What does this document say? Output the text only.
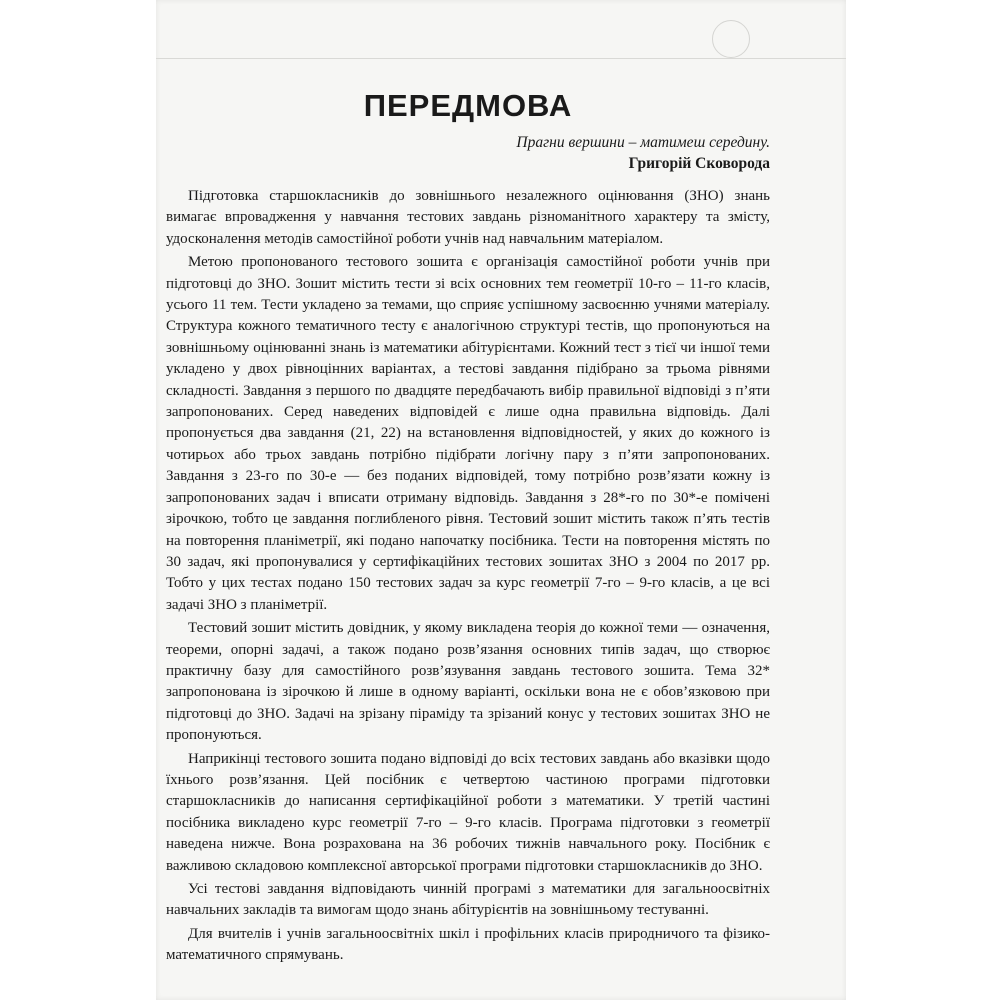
ПЕРЕДМОВА

Прагни вершини – матимеш середину.

Григорій Сковорода

Підготовка старшокласників до зовнішнього незалежного оцінювання (ЗНО) знань вимагає впровадження у навчання тестових завдань різноманітного характеру та змісту, удосконалення методів самостійної роботи учнів над навчальним матеріалом.

Метою пропонованого тестового зошита є організація самостійної роботи учнів при підготовці до ЗНО. Зошит містить тести зі всіх основних тем геометрії 10-го – 11-го класів, усього 11 тем. Тести укладено за темами, що сприяє успішному засвоєнню учнями матеріалу. Структура кожного тематичного тесту є аналогічною структурі тестів, що пропонуються на зовнішньому оцінюванні знань із математики абітурієнтами. Кожний тест з тієї чи іншої теми укладено у двох рівноцінних варіантах, а тестові завдання підібрано за трьома рівнями складності. Завдання з першого по двадцяте передбачають вибір правильної відповіді з п’яти запропонованих. Серед наведених відповідей є лише одна правильна відповідь. Далі пропонується два завдання (21, 22) на встановлення відповідностей, у яких до кожного із чотирьох або трьох завдань потрібно підібрати логічну пару з п’яти запропонованих. Завдання з 23-го по 30-е — без поданих відповідей, тому потрібно розв’язати кожну із запропонованих задач і вписати отриману відповідь. Завдання з 28*-го по 30*-е помічені зірочкою, тобто це завдання поглибленого рівня. Тестовий зошит містить також п’ять тестів на повторення планіметрії, які подано напочатку посібника. Тести на повторення містять по 30 задач, які пропонувалися у сертифікаційних тестових зошитах ЗНО з 2004 по 2017 рр. Тобто у цих тестах подано 150 тестових задач за курс геометрії 7-го – 9-го класів, а це всі задачі ЗНО з планіметрії.

Тестовий зошит містить довідник, у якому викладена теорія до кожної теми — означення, теореми, опорні задачі, а також подано розв’язання основних типів задач, що створює практичну базу для самостійного розв’язування завдань тестового зошита. Тема 32* запропонована із зірочкою й лише в одному варіанті, оскільки вона не є обов’язковою при підготовці до ЗНО. Задачі на зрізану піраміду та зрізаний конус у тестових зошитах ЗНО не пропонуються.

Наприкінці тестового зошита подано відповіді до всіх тестових завдань або вказівки щодо їхнього розв’язання. Цей посібник є четвертою частиною програми підготовки старшокласників до написання сертифікаційної роботи з математики. У третій частині посібника викладено курс геометрії 7-го – 9-го класів. Програма підготовки з геометрії наведена нижче. Вона розрахована на 36 робочих тижнів навчального року. Посібник є важливою складовою комплексної авторської програми підготовки старшокласників до ЗНО.

Усі тестові завдання відповідають чинній програмі з математики для загальноосвітніх навчальних закладів та вимогам щодо знань абітурієнтів на зовнішньому тестуванні.

Для вчителів і учнів загальноосвітніх шкіл і профільних класів природничого та фізико-математичного спрямувань.
